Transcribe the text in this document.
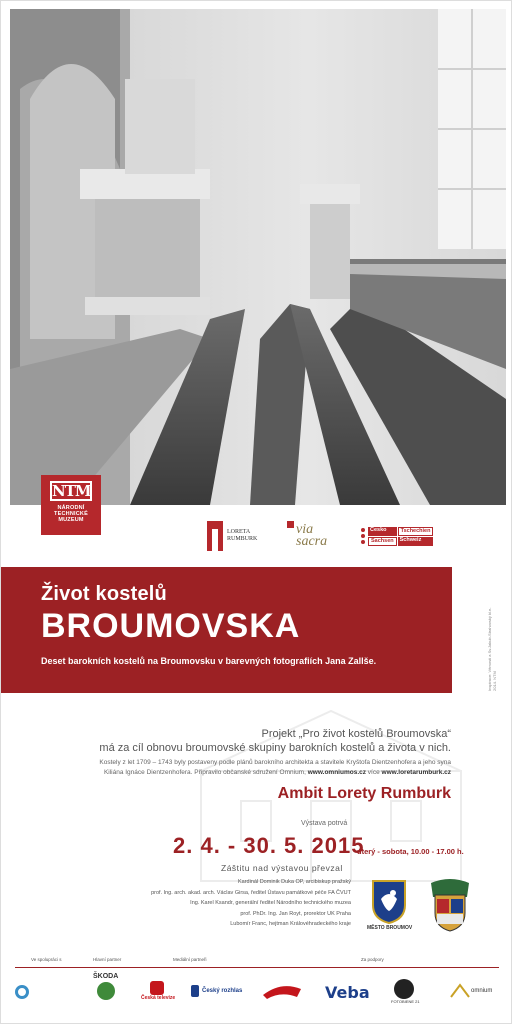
NTM
NÁRODNÍ
TECHNICKÉ
MUZEUM
LORETA
RUMBURK
via
sacra
Česko	Tschechien
Sachsen	Schweiz
Život kostelů
BROUMOVSKA
Deset barokních kostelů na Broumovsku v barevných fotografiích Jana Zallše.	Inspirace: Věrnosti a Sv.Jakub-Strahovský kl.e-2014. NTM
Projekt „Pro život kostelů Broumovska“
má za cíl obnovu broumovské skupiny barokních kostelů a života v nich.
Kostely z let 1709 – 1743 byly postaveny podle plánů barokního architekta a stavitele Kryštofa Dientzenhofera a jeho syna
Kiliána Ignáce Dientzenhofera. Připravilo občanské sdružení Omnium, www.omniumos.cz více www.loretarumburk.cz
Ambit Lorety Rumburk
Výstava potrvá
2. 4. - 30. 5. 2015
úterý - sobota, 10.00 - 17.00 h.
Záštitu nad výstavou převzal
Kardinál Dominik Duka OP, arcibiskup pražský
prof. Ing. arch. akad. arch. Václav Girsa, ředitel Ústavu památkové péče FA ČVUT
Ing. Karel Ksandr, generální ředitel Národního technického muzea
prof. PhDr. Ing. Jan Royt, prorektor UK Praha
Lubomír Franc, hejtman Královéhradeckého kraje
MĚSTO BROUMOV
Ve spolupráci s	Hlavní partner	Mediální partneři	Za podpory
ŠKODA
Česká televize
Český rozhlas	Veba	FOTOBIENE 21
omnium
